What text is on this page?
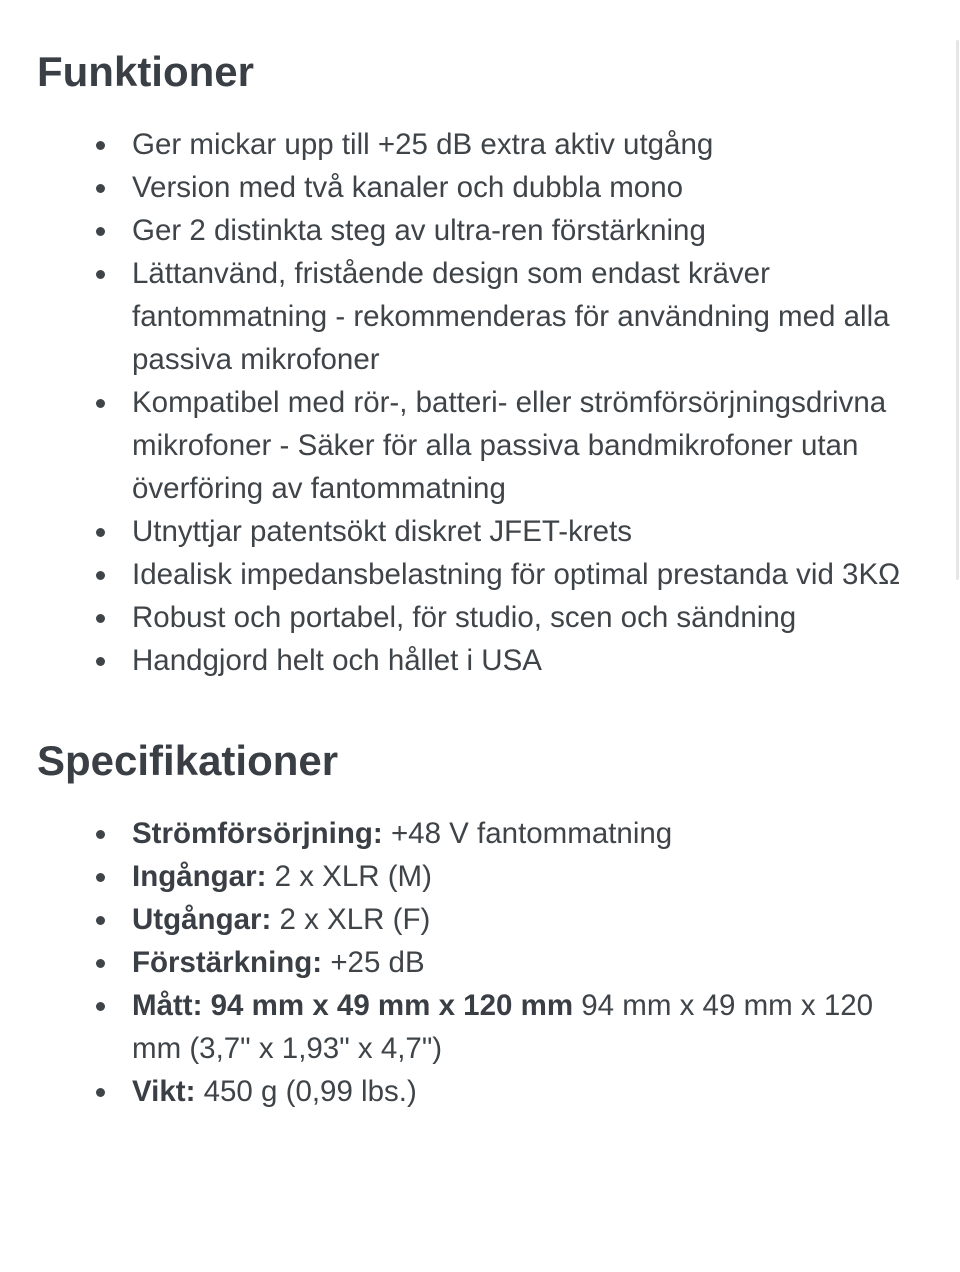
Funktioner
Ger mickar upp till +25 dB extra aktiv utgång
Version med två kanaler och dubbla mono
Ger 2 distinkta steg av ultra-ren förstärkning
Lättanvänd, fristående design som endast kräver fantommatning - rekommenderas för användning med alla passiva mikrofoner
Kompatibel med rör-, batteri- eller strömförsörjningsdrivna mikrofoner - Säker för alla passiva bandmikrofoner utan överföring av fantommatning
Utnyttjar patentsökt diskret JFET-krets
Idealisk impedansbelastning för optimal prestanda vid 3KΩ
Robust och portabel, för studio, scen och sändning
Handgjord helt och hållet i USA
Specifikationer
Strömförsörjning: +48 V fantommatning
Ingångar: 2 x XLR (M)
Utgångar: 2 x XLR (F)
Förstärkning: +25 dB
Mått: 94 mm x 49 mm x 120 mm 94 mm x 49 mm x 120 mm (3,7" x 1,93" x 4,7")
Vikt: 450 g (0,99 lbs.)
